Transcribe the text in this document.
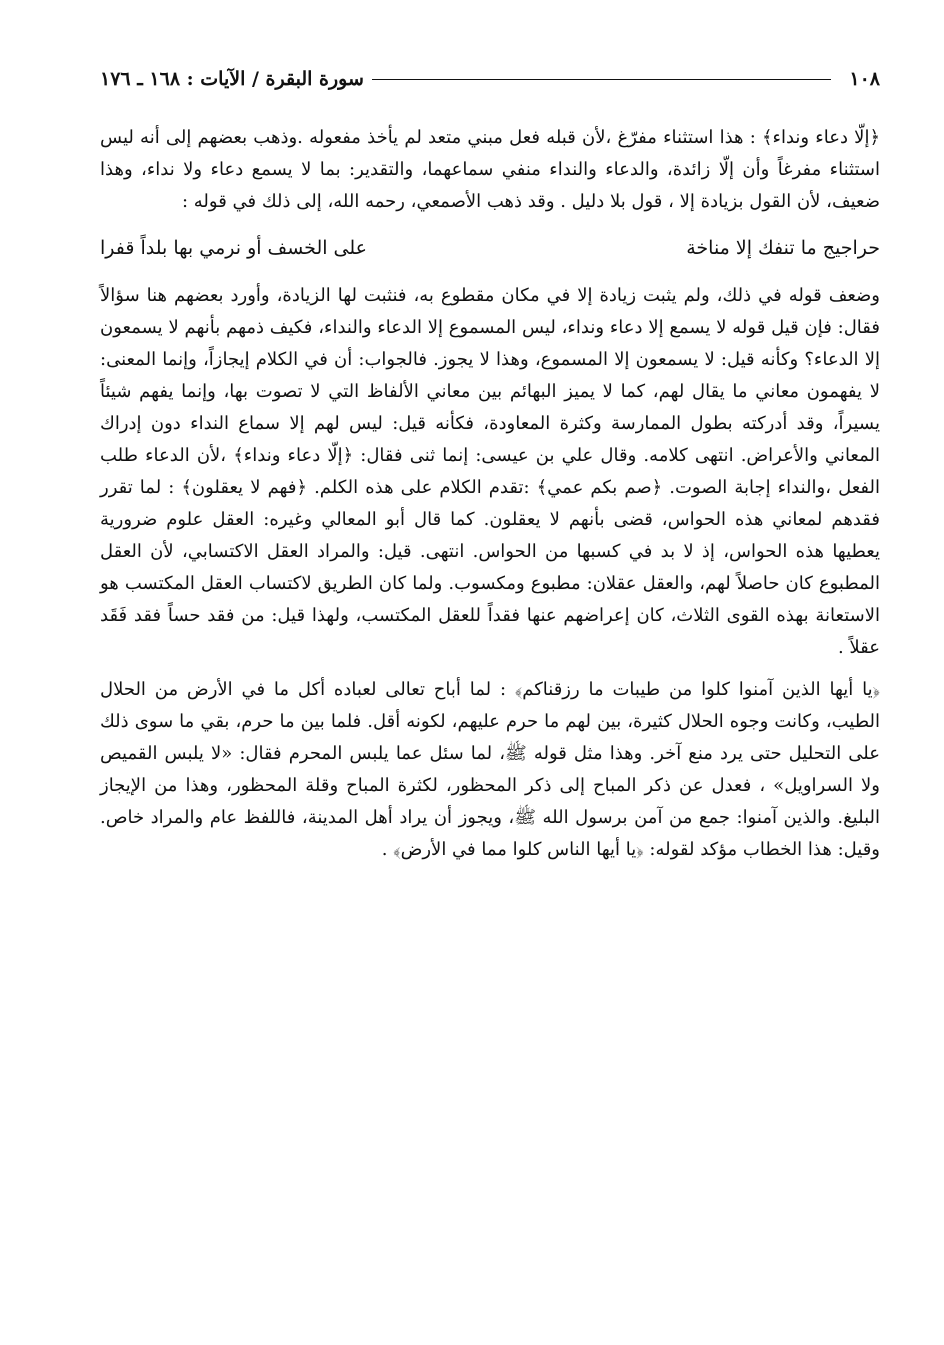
١٠٨
سورة البقرة / الآيات : ١٦٨ ـ ١٧٦

﴿إلّا دعاء ونداء﴾ : هذا استثناء مفرّغ ،لأن قبله فعل مبني متعد لم يأخذ مفعوله .وذهب بعضهم إلى أنه ليس استثناء مفرغاً وأن إلّا زائدة، والدعاء والنداء منفي سماعهما، والتقدير: بما لا يسمع دعاء ولا نداء، وهذا ضعيف، لأن القول بزيادة إلا ، قول بلا دليل . وقد ذهب الأصمعي، رحمه الله، إلى ذلك في قوله :

حراجيج ما تنفك إلا مناخة
على الخسف أو نرمي بها بلداً قفرا

وضعف قوله في ذلك، ولم يثبت زيادة إلا في مكان مقطوع به، فنثبت لها الزيادة، وأورد بعضهم هنا سؤالاً فقال: فإن قيل قوله لا يسمع إلا دعاء ونداء، ليس المسموع إلا الدعاء والنداء، فكيف ذمهم بأنهم لا يسمعون إلا الدعاء؟ وكأنه قيل: لا يسمعون إلا المسموع، وهذا لا يجوز. فالجواب: أن في الكلام إيجازاً، وإنما المعنى: لا يفهمون معاني ما يقال لهم، كما لا يميز البهائم بين معاني الألفاظ التي لا تصوت بها، وإنما يفهم شيئاً يسيراً، وقد أدركته بطول الممارسة وكثرة المعاودة، فكأنه قيل: ليس لهم إلا سماع النداء دون إدراك المعاني والأعراض. انتهى كلامه. وقال علي بن عيسى: إنما ثنى فقال: ﴿إلّا دعاء ونداء﴾ ،لأن الدعاء طلب الفعل ،والنداء إجابة الصوت. ﴿صم بكم عمي﴾ :تقدم الكلام على هذه الكلم. ﴿فهم لا يعقلون﴾ : لما تقرر فقدهم لمعاني هذه الحواس، قضى بأنهم لا يعقلون. كما قال أبو المعالي وغيره: العقل علوم ضرورية يعطيها هذه الحواس، إذ لا بد في كسبها من الحواس. انتهى. قيل: والمراد العقل الاكتسابي، لأن العقل المطبوع كان حاصلاً لهم، والعقل عقلان: مطبوع ومكسوب. ولما كان الطريق لاكتساب العقل المكتسب هو الاستعانة بهذه القوى الثلاث، كان إعراضهم عنها فقداً للعقل المكتسب، ولهذا قيل: من فقد حساً فقد فَقَد عقلاً .

﴿يا أيها الذين آمنوا كلوا من طيبات ما رزقناكم﴾ : لما أباح تعالى لعباده أكل ما في الأرض من الحلال الطيب، وكانت وجوه الحلال كثيرة، بين لهم ما حرم عليهم، لكونه أقل. فلما بين ما حرم، بقي ما سوى ذلك على التحليل حتى يرد منع آخر. وهذا مثل قوله ﷺ، لما سئل عما يلبس المحرم فقال: «لا يلبس القميص ولا السراويل» ، فعدل عن ذكر المباح إلى ذكر المحظور، لكثرة المباح وقلة المحظور، وهذا من الإيجاز البليغ. والذين آمنوا: جمع من آمن برسول الله ﷺ، ويجوز أن يراد أهل المدينة، فاللفظ عام والمراد خاص. وقيل: هذا الخطاب مؤكد لقوله: ﴿يا أيها الناس كلوا مما في الأرض﴾ .
